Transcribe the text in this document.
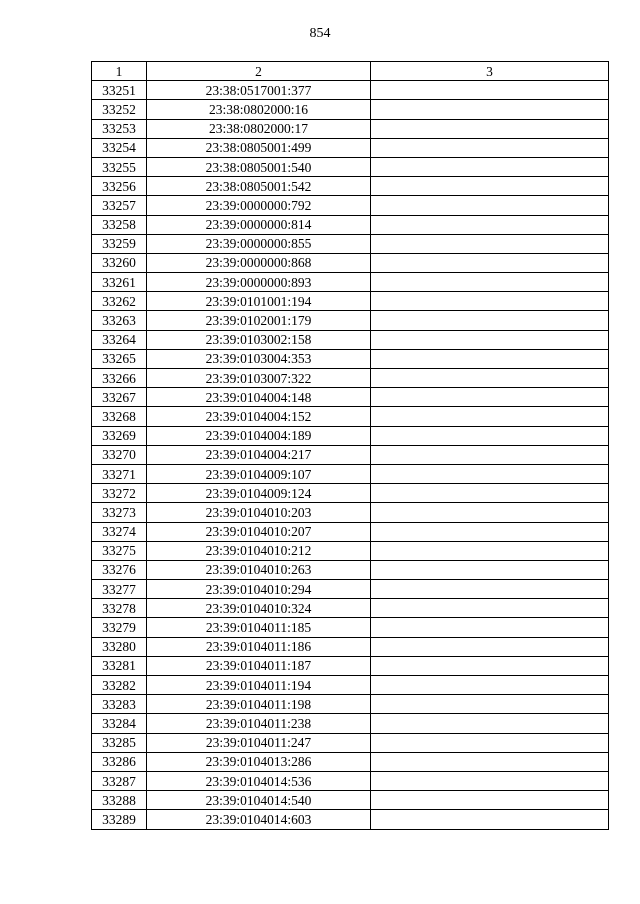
854
1	2	3
33251	23:38:0517001:377	
33252	23:38:0802000:16	
33253	23:38:0802000:17	
33254	23:38:0805001:499	
33255	23:38:0805001:540	
33256	23:38:0805001:542	
33257	23:39:0000000:792	
33258	23:39:0000000:814	
33259	23:39:0000000:855	
33260	23:39:0000000:868	
33261	23:39:0000000:893	
33262	23:39:0101001:194	
33263	23:39:0102001:179	
33264	23:39:0103002:158	
33265	23:39:0103004:353	
33266	23:39:0103007:322	
33267	23:39:0104004:148	
33268	23:39:0104004:152	
33269	23:39:0104004:189	
33270	23:39:0104004:217	
33271	23:39:0104009:107	
33272	23:39:0104009:124	
33273	23:39:0104010:203	
33274	23:39:0104010:207	
33275	23:39:0104010:212	
33276	23:39:0104010:263	
33277	23:39:0104010:294	
33278	23:39:0104010:324	
33279	23:39:0104011:185	
33280	23:39:0104011:186	
33281	23:39:0104011:187	
33282	23:39:0104011:194	
33283	23:39:0104011:198	
33284	23:39:0104011:238	
33285	23:39:0104011:247	
33286	23:39:0104013:286	
33287	23:39:0104014:536	
33288	23:39:0104014:540	
33289	23:39:0104014:603	
